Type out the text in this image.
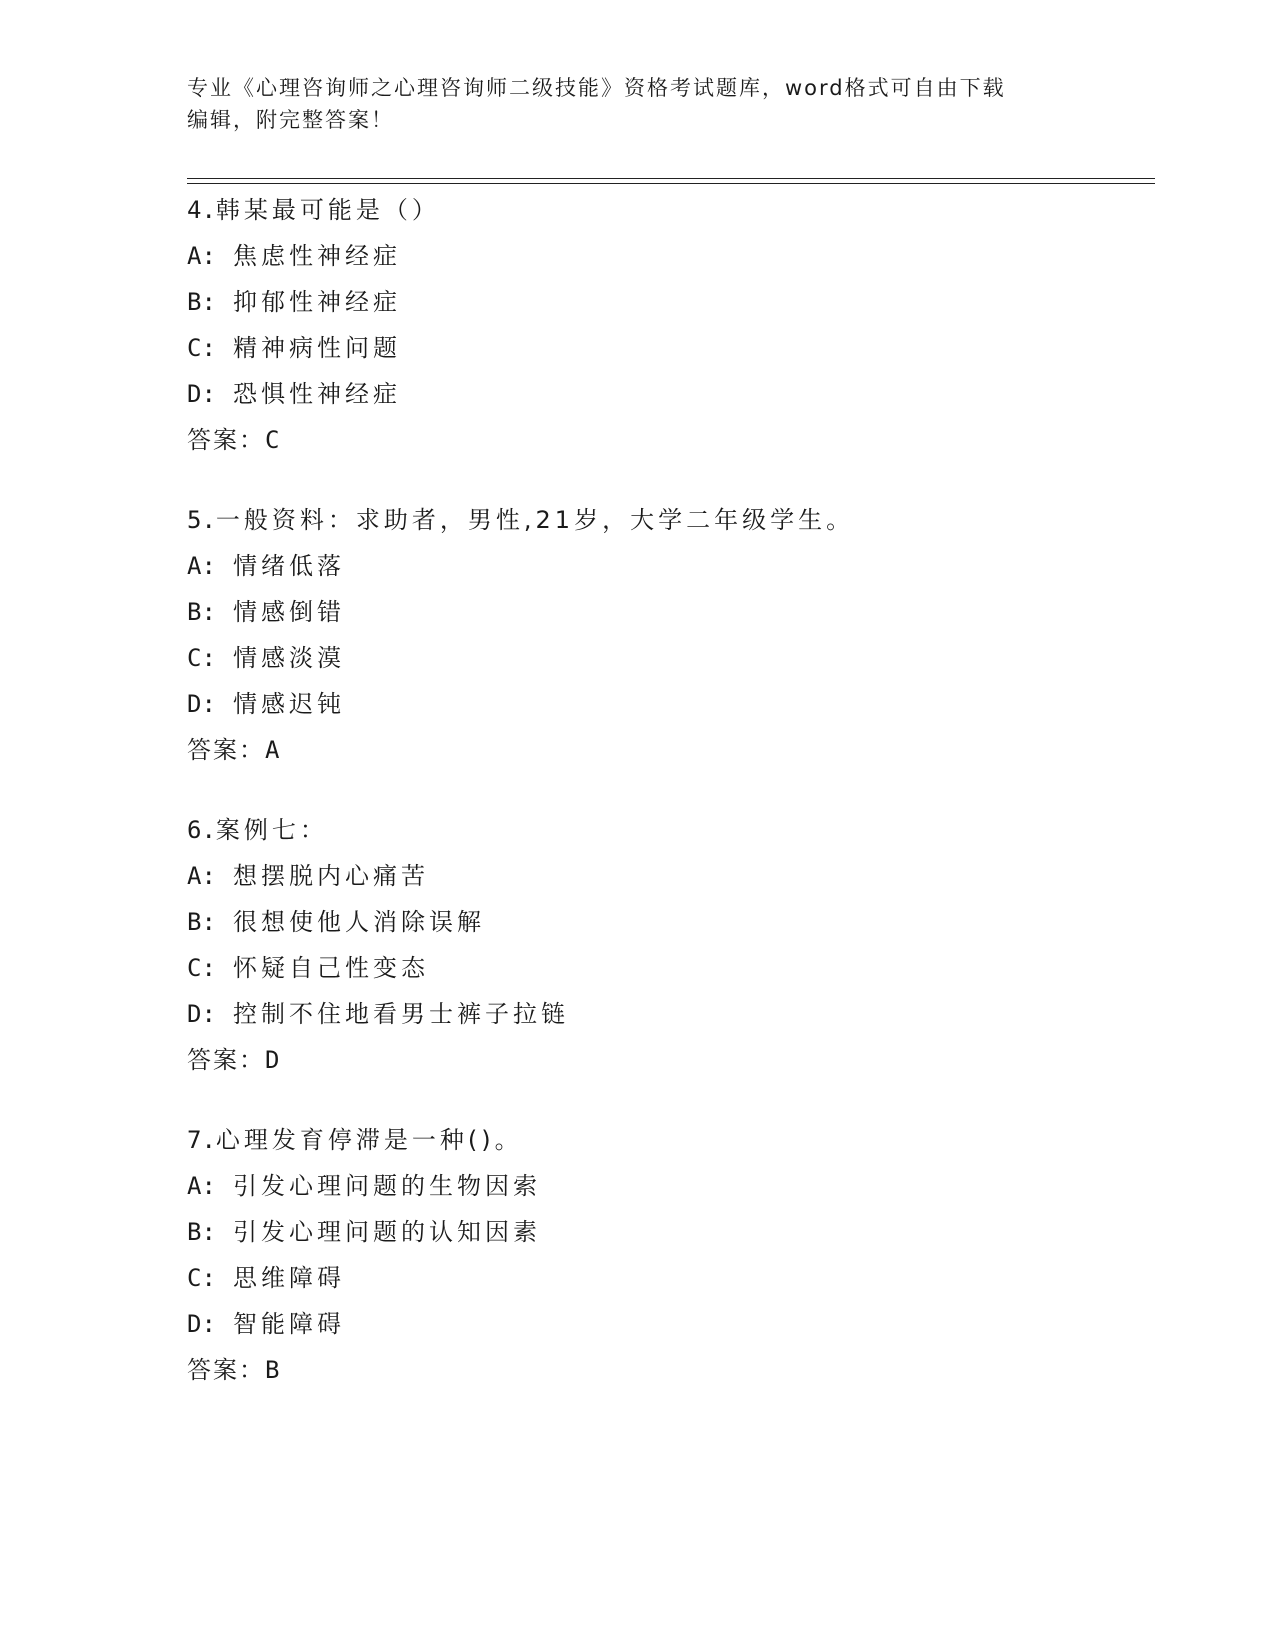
专业《心理咨询师之心理咨询师二级技能》资格考试题库，word格式可自由下载
编辑，附完整答案！
4.韩某最可能是（）
A: 焦虑性神经症
B: 抑郁性神经症
C: 精神病性问题
D: 恐惧性神经症
答案：C
5.一般资料：求助者，男性,21岁，大学二年级学生。
A: 情绪低落
B: 情感倒错
C: 情感淡漠
D: 情感迟钝
答案：A
6.案例七：
A: 想摆脱内心痛苦
B: 很想使他人消除误解
C: 怀疑自己性变态
D: 控制不住地看男士裤子拉链
答案：D
7.心理发育停滞是一种()。
A: 引发心理问题的生物因索
B: 引发心理问题的认知因素
C: 思维障碍
D: 智能障碍
答案：B
